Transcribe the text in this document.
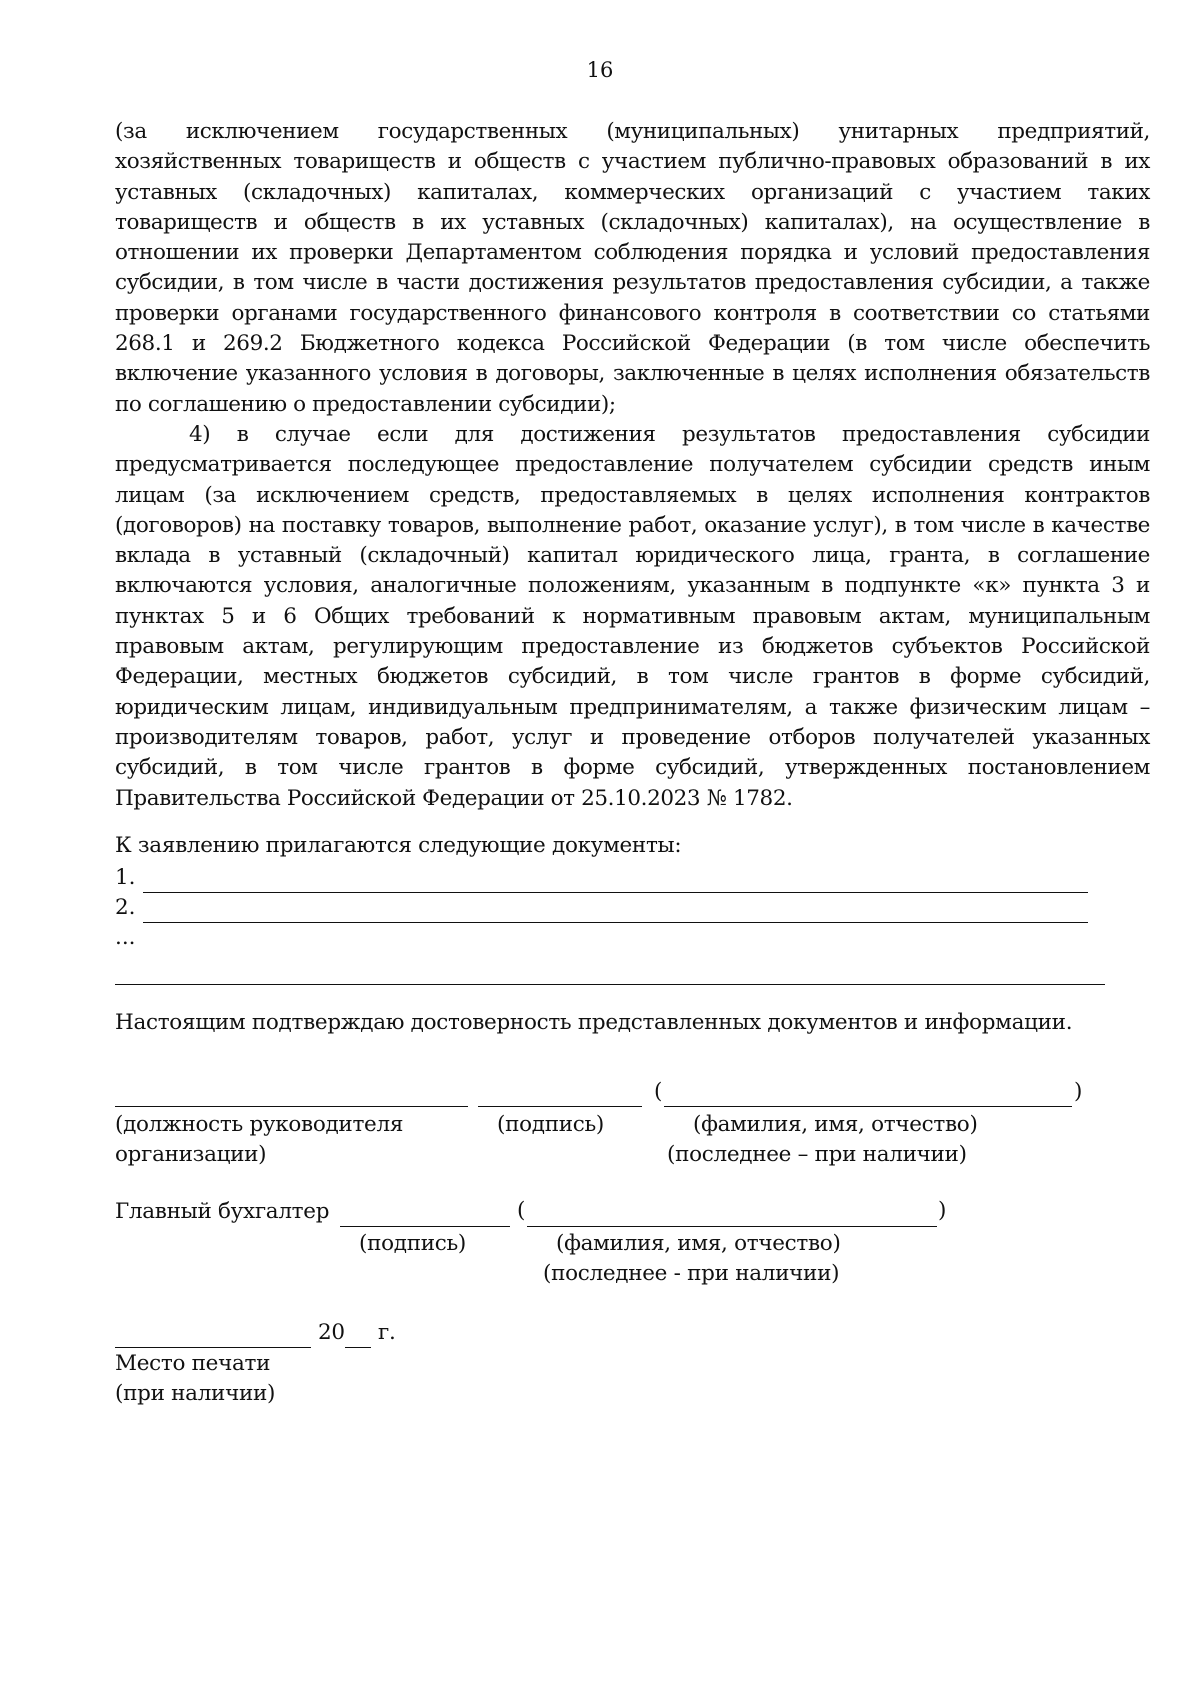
16
(за исключением государственных (муниципальных) унитарных предприятий, хозяйственных товариществ и обществ с участием публично-правовых образований в их уставных (складочных) капиталах, коммерческих организаций с участием таких товариществ и обществ в их уставных (складочных) капиталах), на осуществление в отношении их проверки Департаментом соблюдения порядка и условий предоставления субсидии, в том числе в части достижения результатов предоставления субсидии, а также проверки органами государственного финансового контроля в соответствии со статьями 268.1 и 269.2 Бюджетного кодекса Российской Федерации (в том числе обеспечить включение указанного условия в договоры, заключенные в целях исполнения обязательств по соглашению о предоставлении субсидии);
4) в случае если для достижения результатов предоставления субсидии предусматривается последующее предоставление получателем субсидии средств иным лицам (за исключением средств, предоставляемых в целях исполнения контрактов (договоров) на поставку товаров, выполнение работ, оказание услуг), в том числе в качестве вклада в уставный (складочный) капитал юридического лица, гранта, в соглашение включаются условия, аналогичные положениям, указанным в подпункте «к» пункта 3 и пунктах 5 и 6 Общих требований к нормативным правовым актам, муниципальным правовым актам, регулирующим предоставление из бюджетов субъектов Российской Федерации, местных бюджетов субсидий, в том числе грантов в форме субсидий, юридическим лицам, индивидуальным предпринимателям, а также физическим лицам – производителям товаров, работ, услуг и проведение отборов получателей указанных субсидий, в том числе грантов в форме субсидий, утвержденных постановлением Правительства Российской Федерации от 25.10.2023 № 1782.
К заявлению прилагаются следующие документы:
1.
2.
...
Настоящим подтверждаю достоверность представленных документов и информации.
(	)
(должность руководителя
организации)
(подпись)	(фамилия, имя, отчество)
(последнее – при наличии)
Главный бухгалтер	(	)
(подпись)	(фамилия, имя, отчество)
(последнее - при наличии)
20 г.
Место печати
(при наличии)
